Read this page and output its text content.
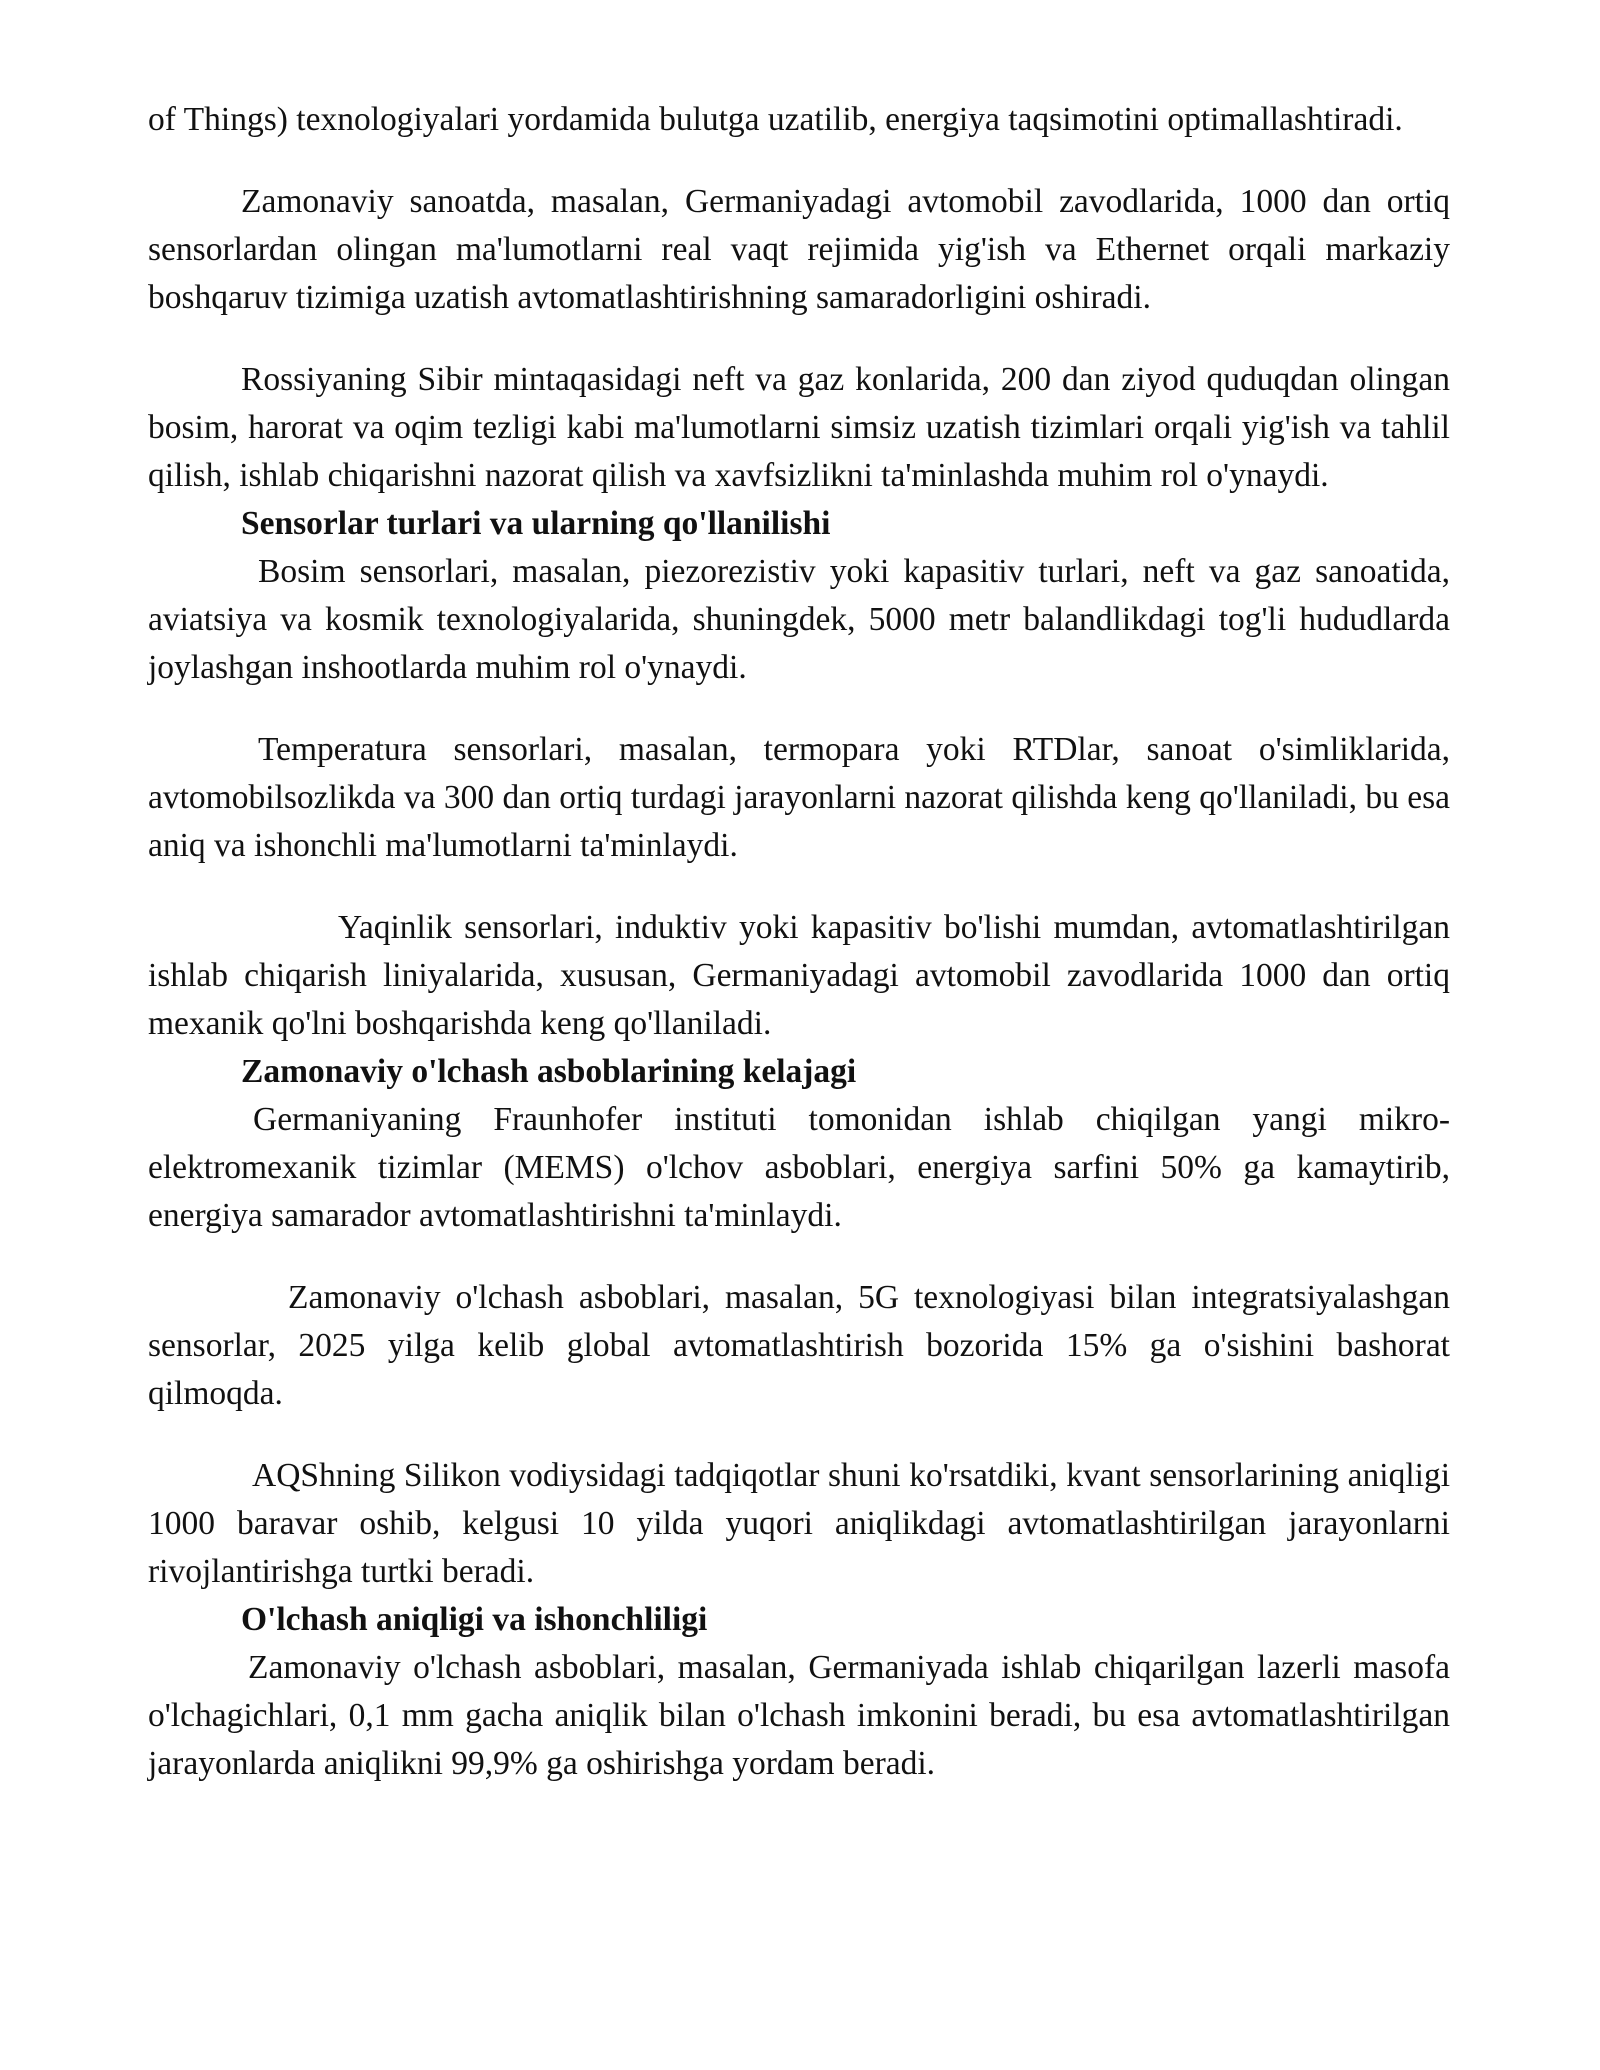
of Things) texnologiyalari yordamida bulutga uzatilib, energiya taqsimotini optimallashtiradi.

Zamonaviy sanoatda, masalan, Germaniyadagi avtomobil zavodlarida, 1000 dan ortiq sensorlardan olingan ma'lumotlarni real vaqt rejimida yig'ish va Ethernet orqali markaziy boshqaruv tizimiga uzatish avtomatlashtirishning samaradorligini oshiradi.

Rossiyaning Sibir mintaqasidagi neft va gaz konlarida, 200 dan ziyod quduqdan olingan bosim, harorat va oqim tezligi kabi ma'lumotlarni simsiz uzatish tizimlari orqali yig'ish va tahlil qilish, ishlab chiqarishni nazorat qilish va xavfsizlikni ta'minlashda muhim rol o'ynaydi.

Sensorlar turlari va ularning qo'llanilishi

Bosim sensorlari, masalan, piezorezistiv yoki kapasitiv turlari, neft va gaz sanoatida, aviatsiya va kosmik texnologiyalarida, shuningdek, 5000 metr balandlikdagi tog'li hududlarda joylashgan inshootlarda muhim rol o'ynaydi.

Temperatura sensorlari, masalan, termopara yoki RTDlar, sanoat o'simliklarida, avtomobilsozlikda va 300 dan ortiq turdagi jarayonlarni nazorat qilishda keng qo'llaniladi, bu esa aniq va ishonchli ma'lumotlarni ta'minlaydi.

Yaqinlik sensorlari, induktiv yoki kapasitiv bo'lishi mumdan, avtomatlashtirilgan ishlab chiqarish liniyalarida, xususan, Germaniyadagi avtomobil zavodlarida 1000 dan ortiq mexanik qo'lni boshqarishda keng qo'llaniladi.

Zamonaviy o'lchash asboblarining kelajagi

Germaniyaning Fraunhofer instituti tomonidan ishlab chiqilgan yangi mikro-elektromexanik tizimlar (MEMS) o'lchov asboblari, energiya sarfini 50% ga kamaytirib, energiya samarador avtomatlashtirishni ta'minlaydi.

Zamonaviy o'lchash asboblari, masalan, 5G texnologiyasi bilan integratsiyalashgan sensorlar, 2025 yilga kelib global avtomatlashtirish bozorida 15% ga o'sishini bashorat qilmoqda.

AQShning Silikon vodiysidagi tadqiqotlar shuni ko'rsatdiki, kvant sensorlarining aniqligi 1000 baravar oshib, kelgusi 10 yilda yuqori aniqlikdagi avtomatlashtirilgan jarayonlarni rivojlantirishga turtki beradi.

O'lchash aniqligi va ishonchliligi

Zamonaviy o'lchash asboblari, masalan, Germaniyada ishlab chiqarilgan lazerli masofa o'lchagichlari, 0,1 mm gacha aniqlik bilan o'lchash imkonini beradi, bu esa avtomatlashtirilgan jarayonlarda aniqlikni 99,9% ga oshirishga yordam beradi.
